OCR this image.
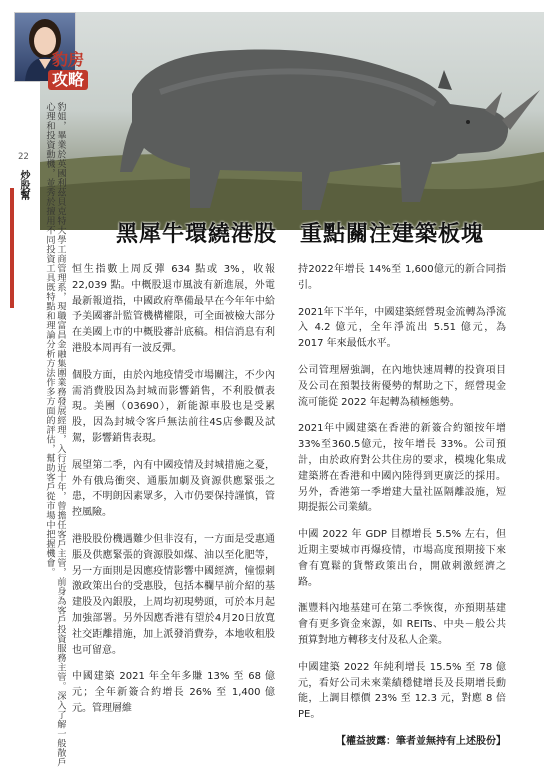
豹房
攻略
22
炒股幫	豹姐，畢業於英國利茲貝克特大學工商管理系，現職富昌金融集團業務發展經理，入行近十年，曾擔任客戶主管，前身為客戶投資服務主管。深入了解一般散戶心理和投資動機，並秀於擅用不同投資工具既特點和理論分析方法作多方面的評估，幫助客戶從市場中把握機會。	黑犀牛環繞港股　重點關注建築板塊

恒生指數上周反彈 634 點或 3%，收報 22,039 點。中概股退市風波有新進展，外電最新報道指，中國政府準備最早在今年年中給予美國審計監管機構權限，可全面被檢大部分在美國上市的中概股審計底稿。相信消息有利港股本周再有一波反彈。

個股方面，由於內地疫情受市場關注，不少內需消費股因為封城而影響銷售，不利股價表現。美團（03690），新能源車股也是受累股，因為封城令客戶無法前往4S店參觀及試駕，影響銷售表現。

展望第二季，內有中國疫情及封城措施之憂，外有俄烏衝突、通脹加劇及資源供應緊張之患，不明朗因素眾多，入市仍要保持謹慎，管控風險。

港股股份機遇難少但非沒有，一方面是受惠通脹及供應緊張的資源股如煤、油以至化肥等，另一方面則是因應疫情影響中國經濟，憧憬刺激政策出台的受惠股，包括本欄早前介紹的基建股及內銀股，上周均初現勢頭，可於本月起加強部署。另外因應香港有望於4月20日放寬社交距離措施，加上派發消費券，本地收租股也可留意。

中國建築 2021 年全年多賺 13% 至 68 億元；全年新簽合約增長 26% 至 1,400 億元。管理層維

持2022年增長 14%至 1,600億元的新合同指引。

2021年下半年，中國建築經營現金流轉為淨流入 4.2 億元，全年淨流出 5.51 億元，為 2017 年來最低水平。

公司管理層強調，在內地快速周轉的投資項目及公司在預製技術優勢的幫助之下，經營現金流可能從 2022 年起轉為積極態勢。

2021年中國建築在香港的新簽合約額按年增 33%至360.5億元，按年增長 33%。公司預計，由於政府對公共住房的要求，模塊化集成建築將在香港和中國內陸得到更廣泛的採用。另外，香港第一季增建大量社區隔離設施，短期提振公司業績。

中國 2022 年 GDP 目標增長 5.5% 左右，但近期主要城市再爆疫情，市場高度預期接下來會有寬鬆的貨幣政策出台，開啟刺激經濟之路。

滙豐料內地基建可在第二季恢復，亦預期基建會有更多資金來源，如 REITs、中央－般公共預算對地方轉移支付及私人企業。

中國建築 2022 年純利增長 15.5% 至 78 億元，看好公司未來業績穩健增長及長期增長動能，上調目標價 23% 至 12.3 元，對應 8 倍 PE。

【權益披露：筆者並無持有上述股份】
